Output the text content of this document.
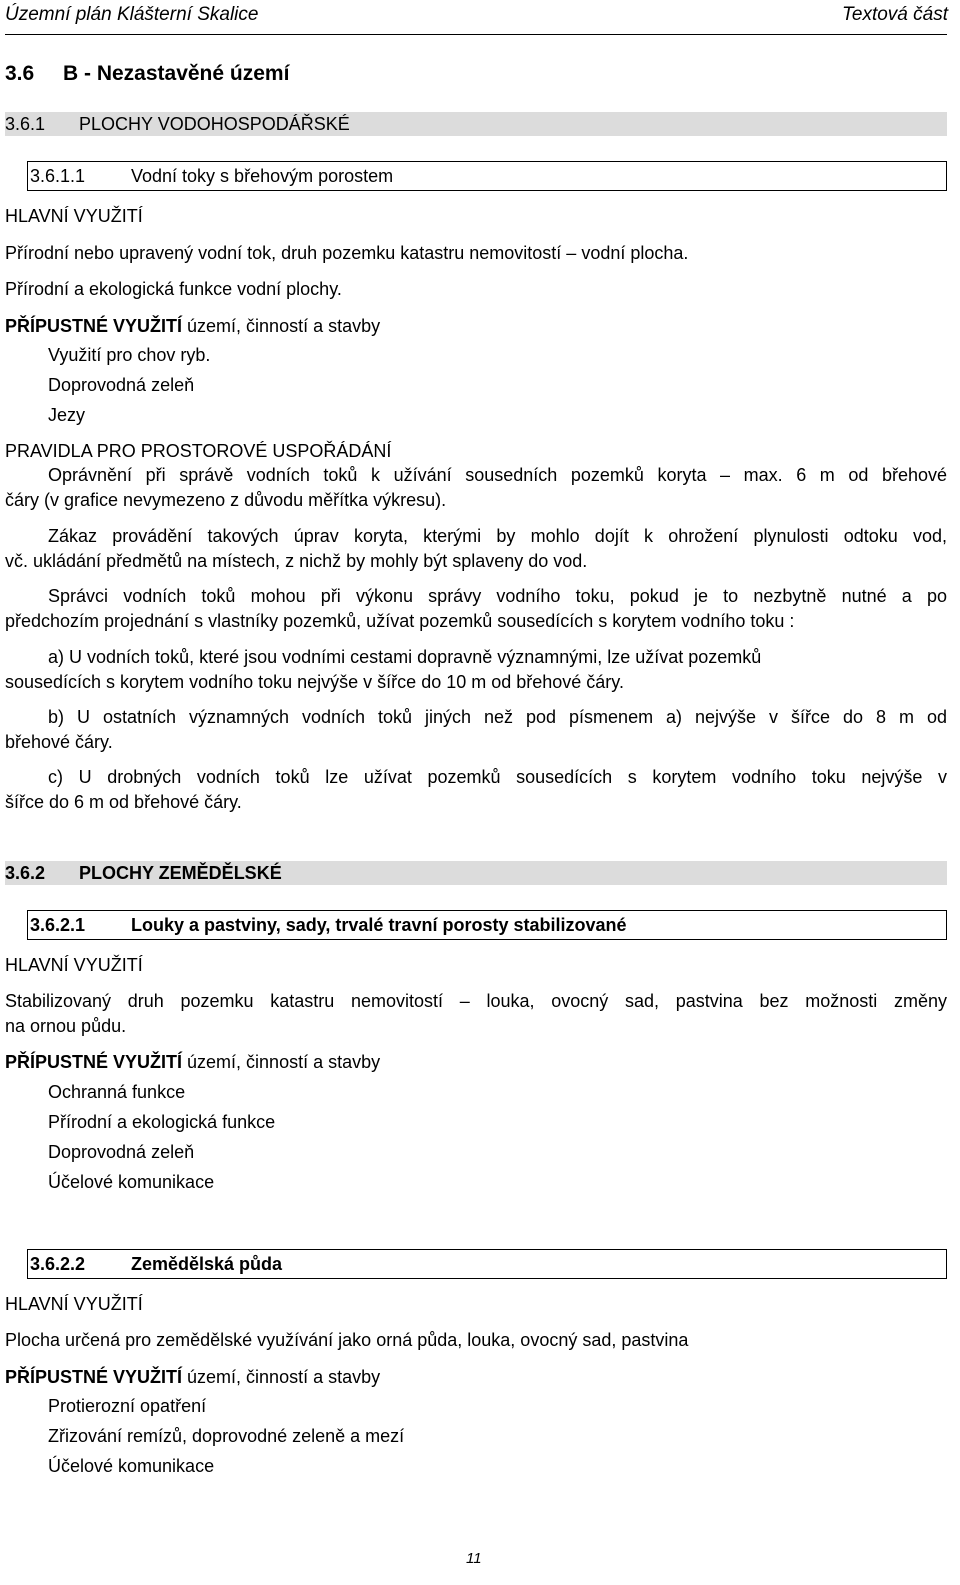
Územní plán Klášterní Skalice	Textová část
3.6 B - Nezastavěné území
3.6.1 PLOCHY VODOHOSPODÁŘSKÉ
3.6.1.1	Vodní toky s břehovým porostem
HLAVNÍ VYUŽITÍ
Přírodní nebo upravený vodní tok, druh pozemku katastru nemovitostí – vodní plocha.
Přírodní a ekologická funkce vodní plochy.
PŘÍPUSTNÉ VYUŽITÍ území, činností a stavby
Využití pro chov ryb.
Doprovodná zeleň
Jezy
PRAVIDLA PRO PROSTOROVÉ USPOŘÁDÁNÍ
Oprávnění při správě vodních toků k užívání sousedních pozemků koryta – max. 6 m od břehové
čáry (v grafice nevymezeno z důvodu měřítka výkresu).
Zákaz provádění takových úprav koryta, kterými by mohlo dojít k ohrožení plynulosti odtoku vod,
vč. ukládání předmětů na místech, z nichž by mohly být splaveny do vod.
Správci vodních toků mohou při výkonu správy vodního toku, pokud je to nezbytně nutné a po
předchozím projednání s vlastníky pozemků, užívat pozemků sousedících s korytem vodního toku :
a) U vodních toků, které jsou vodními cestami dopravně významnými, lze užívat pozemků
sousedících s korytem vodního toku nejvýše v šířce do 10 m od břehové čáry.
b) U ostatních významných vodních toků jiných než pod písmenem a) nejvýše v šířce do 8 m od
břehové čáry.
c) U drobných vodních toků lze užívat pozemků sousedících s korytem vodního toku nejvýše v
šířce do 6 m od břehové čáry.
3.6.2 PLOCHY ZEMĚDĚLSKÉ
3.6.2.1	Louky a pastviny, sady, trvalé travní porosty stabilizované
HLAVNÍ VYUŽITÍ
Stabilizovaný druh pozemku katastru nemovitostí – louka, ovocný sad, pastvina bez možnosti změny
na ornou půdu.
PŘÍPUSTNÉ VYUŽITÍ území, činností a stavby
Ochranná funkce
Přírodní a ekologická funkce
Doprovodná zeleň
Účelové komunikace
3.6.2.2	Zemědělská půda
HLAVNÍ VYUŽITÍ
Plocha určená pro zemědělské využívání jako orná půda, louka, ovocný sad, pastvina
PŘÍPUSTNÉ VYUŽITÍ území, činností a stavby
Protierozní opatření
Zřizování remízů, doprovodné zeleně a mezí
Účelové komunikace
11
